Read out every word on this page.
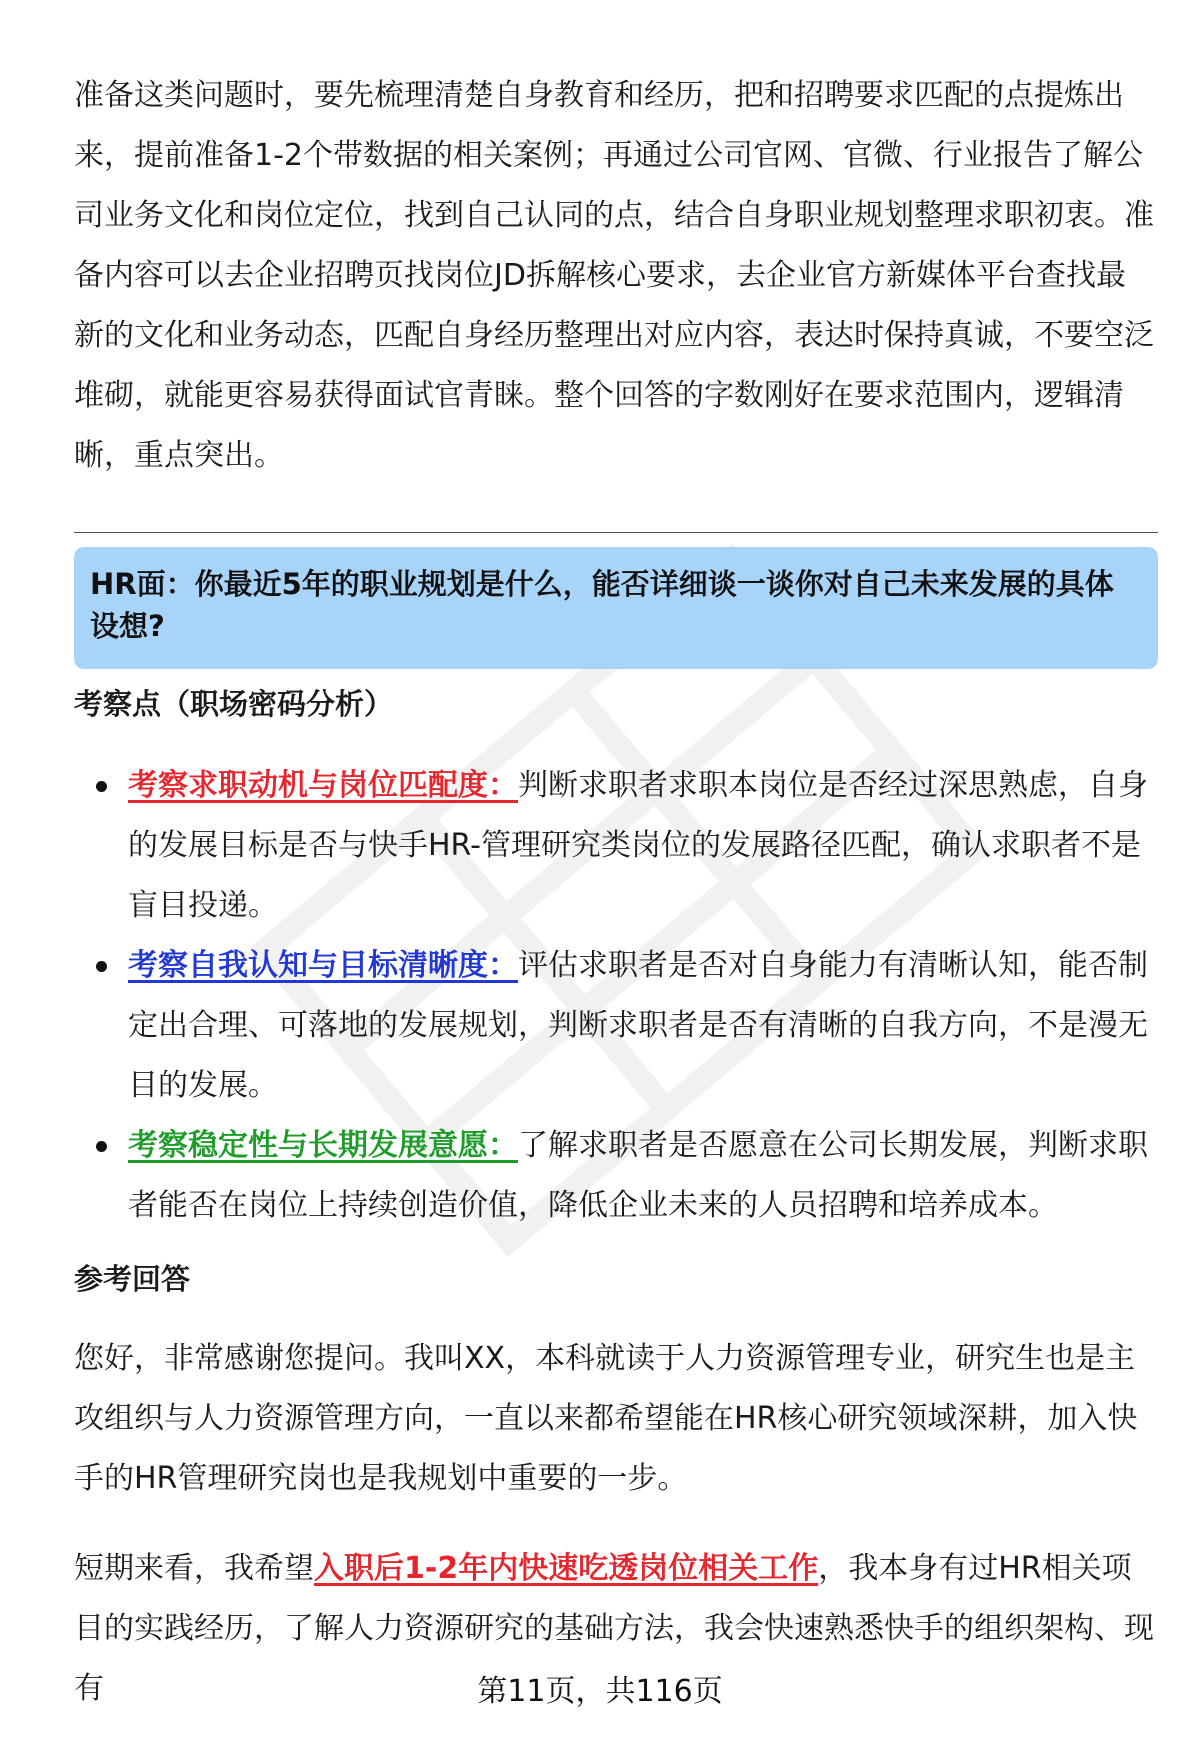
准备这类问题时，要先梳理清楚自身教育和经历，把和招聘要求匹配的点提炼出来，提前准备1-2个带数据的相关案例；再通过公司官网、官微、行业报告了解公司业务文化和岗位定位，找到自己认同的点，结合自身职业规划整理求职初衷。准备内容可以去企业招聘页找岗位JD拆解核心要求，去企业官方新媒体平台查找最新的文化和业务动态，匹配自身经历整理出对应内容，表达时保持真诚，不要空泛堆砌，就能更容易获得面试官青睐。整个回答的字数刚好在要求范围内，逻辑清晰，重点突出。

HR面：你最近5年的职业规划是什么，能否详细谈一谈你对自己未来发展的具体设想?
考察点（职场密码分析）
考察求职动机与岗位匹配度：判断求职者求职本岗位是否经过深思熟虑，自身的发展目标是否与快手HR-管理研究类岗位的发展路径匹配，确认求职者不是盲目投递。
考察自我认知与目标清晰度：评估求职者是否对自身能力有清晰认知，能否制定出合理、可落地的发展规划，判断求职者是否有清晰的自我方向，不是漫无目的发展。
考察稳定性与长期发展意愿：了解求职者是否愿意在公司长期发展，判断求职者能否在岗位上持续创造价值，降低企业未来的人员招聘和培养成本。
参考回答

您好，非常感谢您提问。我叫XX，本科就读于人力资源管理专业，研究生也是主攻组织与人力资源管理方向，一直以来都希望能在HR核心研究领域深耕，加入快手的HR管理研究岗也是我规划中重要的一步。

短期来看，我希望入职后1-2年内快速吃透岗位相关工作，我本身有过HR相关项目的实践经历，了解人力资源研究的基础方法，我会快速熟悉快手的组织架构、现有	第11页，共116页
